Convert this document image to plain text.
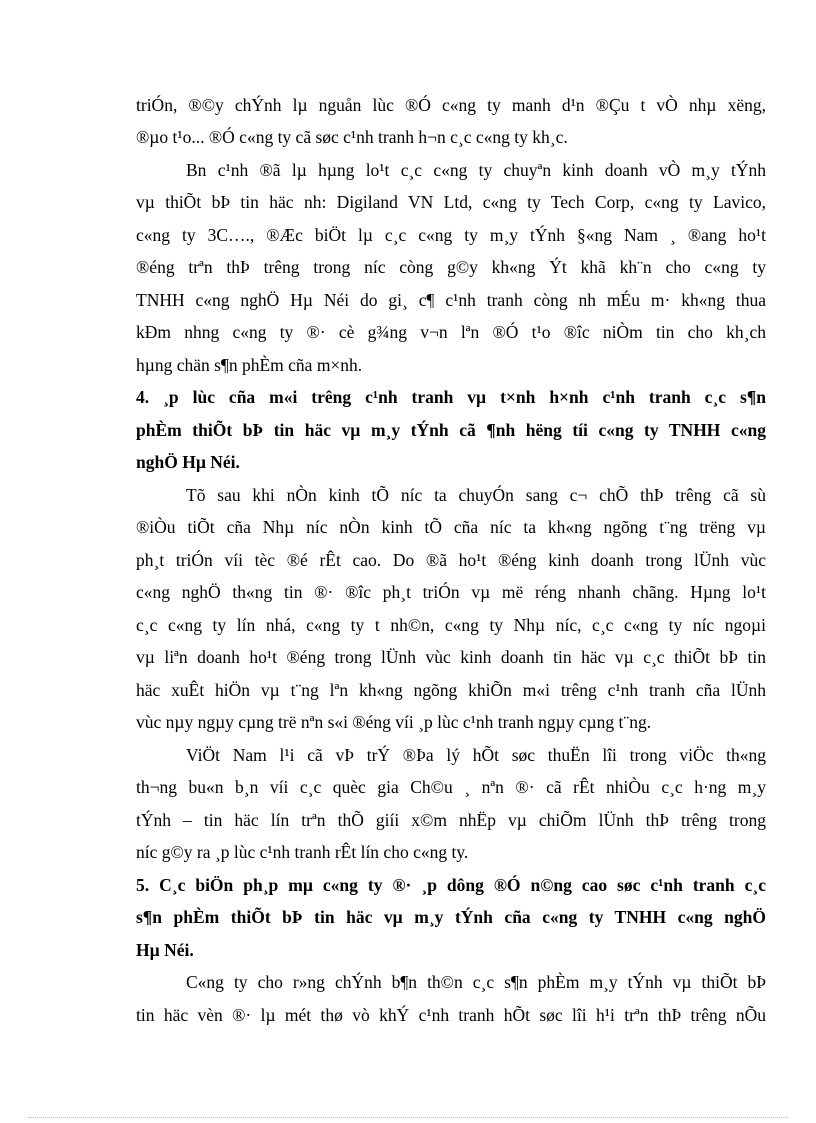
triÓn, ®©y chÝnh lµ nguån lùc ®Ó c«ng ty manh d¹n ®Çu t vÒ nhµ xëng,
®µo t¹o... ®Ó c«ng ty cã søc c¹nh tranh h¬n c¸c c«ng ty kh¸c.
Bn c¹nh ®ã lµ hµng lo¹t c¸c c«ng ty chuyªn kinh doanh vÒ m¸y tÝnh
vµ thiÕt bÞ tin häc nh: Digiland VN Ltd, c«ng ty Tech Corp, c«ng ty Lavico,
c«ng ty 3C…., ®Æc biÖt lµ c¸c c«ng ty m¸y tÝnh §«ng Nam ¸ ®ang ho¹t
®éng trªn thÞ trêng trong níc còng g©y kh«ng Ýt khã kh¨n cho c«ng ty
TNHH c«ng nghÖ Hµ Néi do gi¸ c¶ c¹nh tranh còng nh mÉu m· kh«ng thua
kÐm nhng c«ng ty ®· cè g¾ng v¬n lªn ®Ó t¹o ®îc niÒm tin cho kh¸ch
hµng chän s¶n phÈm cña m×nh.
4. ¸p lùc cña m«i trêng c¹nh tranh vµ t×nh h×nh c¹nh tranh c¸c s¶n
phÈm thiÕt bÞ tin häc vµ m¸y tÝnh cã ¶nh hëng tíi c«ng ty TNHH c«ng
nghÖ Hµ Néi.
Tõ sau khi nÒn kinh tÕ níc ta chuyÓn sang c¬ chÕ thÞ trêng cã sù
®iÒu tiÕt cña Nhµ níc nÒn kinh tÕ cña níc ta kh«ng ngõng t¨ng trëng vµ
ph¸t triÓn víi tèc ®é rÊt cao. Do ®ã ho¹t ®éng kinh doanh trong lÜnh vùc
c«ng nghÖ th«ng tin ®· ®îc ph¸t triÓn vµ më réng nhanh chãng. Hµng lo¹t
c¸c c«ng ty lín nhá, c«ng ty t nh©n, c«ng ty Nhµ níc, c¸c c«ng ty níc ngoµi
vµ liªn doanh ho¹t ®éng trong lÜnh vùc kinh doanh tin häc vµ c¸c thiÕt bÞ tin
häc xuÊt hiÖn vµ t¨ng lªn kh«ng ngõng khiÕn m«i trêng c¹nh tranh cña lÜnh
vùc nµy ngµy cµng trë nªn s«i ®éng víi ¸p lùc c¹nh tranh ngµy cµng t¨ng.
ViÖt Nam l¹i cã vÞ trÝ ®Þa lý hÕt søc thuËn lîi trong viÖc th«ng
th¬ng bu«n b¸n víi c¸c quèc gia Ch©u ¸ nªn ®· cã rÊt nhiÒu c¸c h·ng m¸y
tÝnh – tin häc lín trªn thÕ giíi x©m nhËp vµ chiÕm lÜnh thÞ trêng trong
níc g©y ra ¸p lùc c¹nh tranh rÊt lín cho c«ng ty.
5. C¸c biÖn ph¸p mµ c«ng ty ®· ¸p dông ®Ó n©ng cao søc c¹nh tranh c¸c
s¶n phÈm thiÕt bÞ tin häc vµ m¸y tÝnh cña c«ng ty TNHH c«ng nghÖ
Hµ Néi.
C«ng ty cho r»ng chÝnh b¶n th©n c¸c s¶n phÈm m¸y tÝnh vµ thiÕt bÞ
tin häc vèn ®· lµ mét thø vò khÝ c¹nh tranh hÕt søc lîi h¹i trªn thÞ trêng nÕu
